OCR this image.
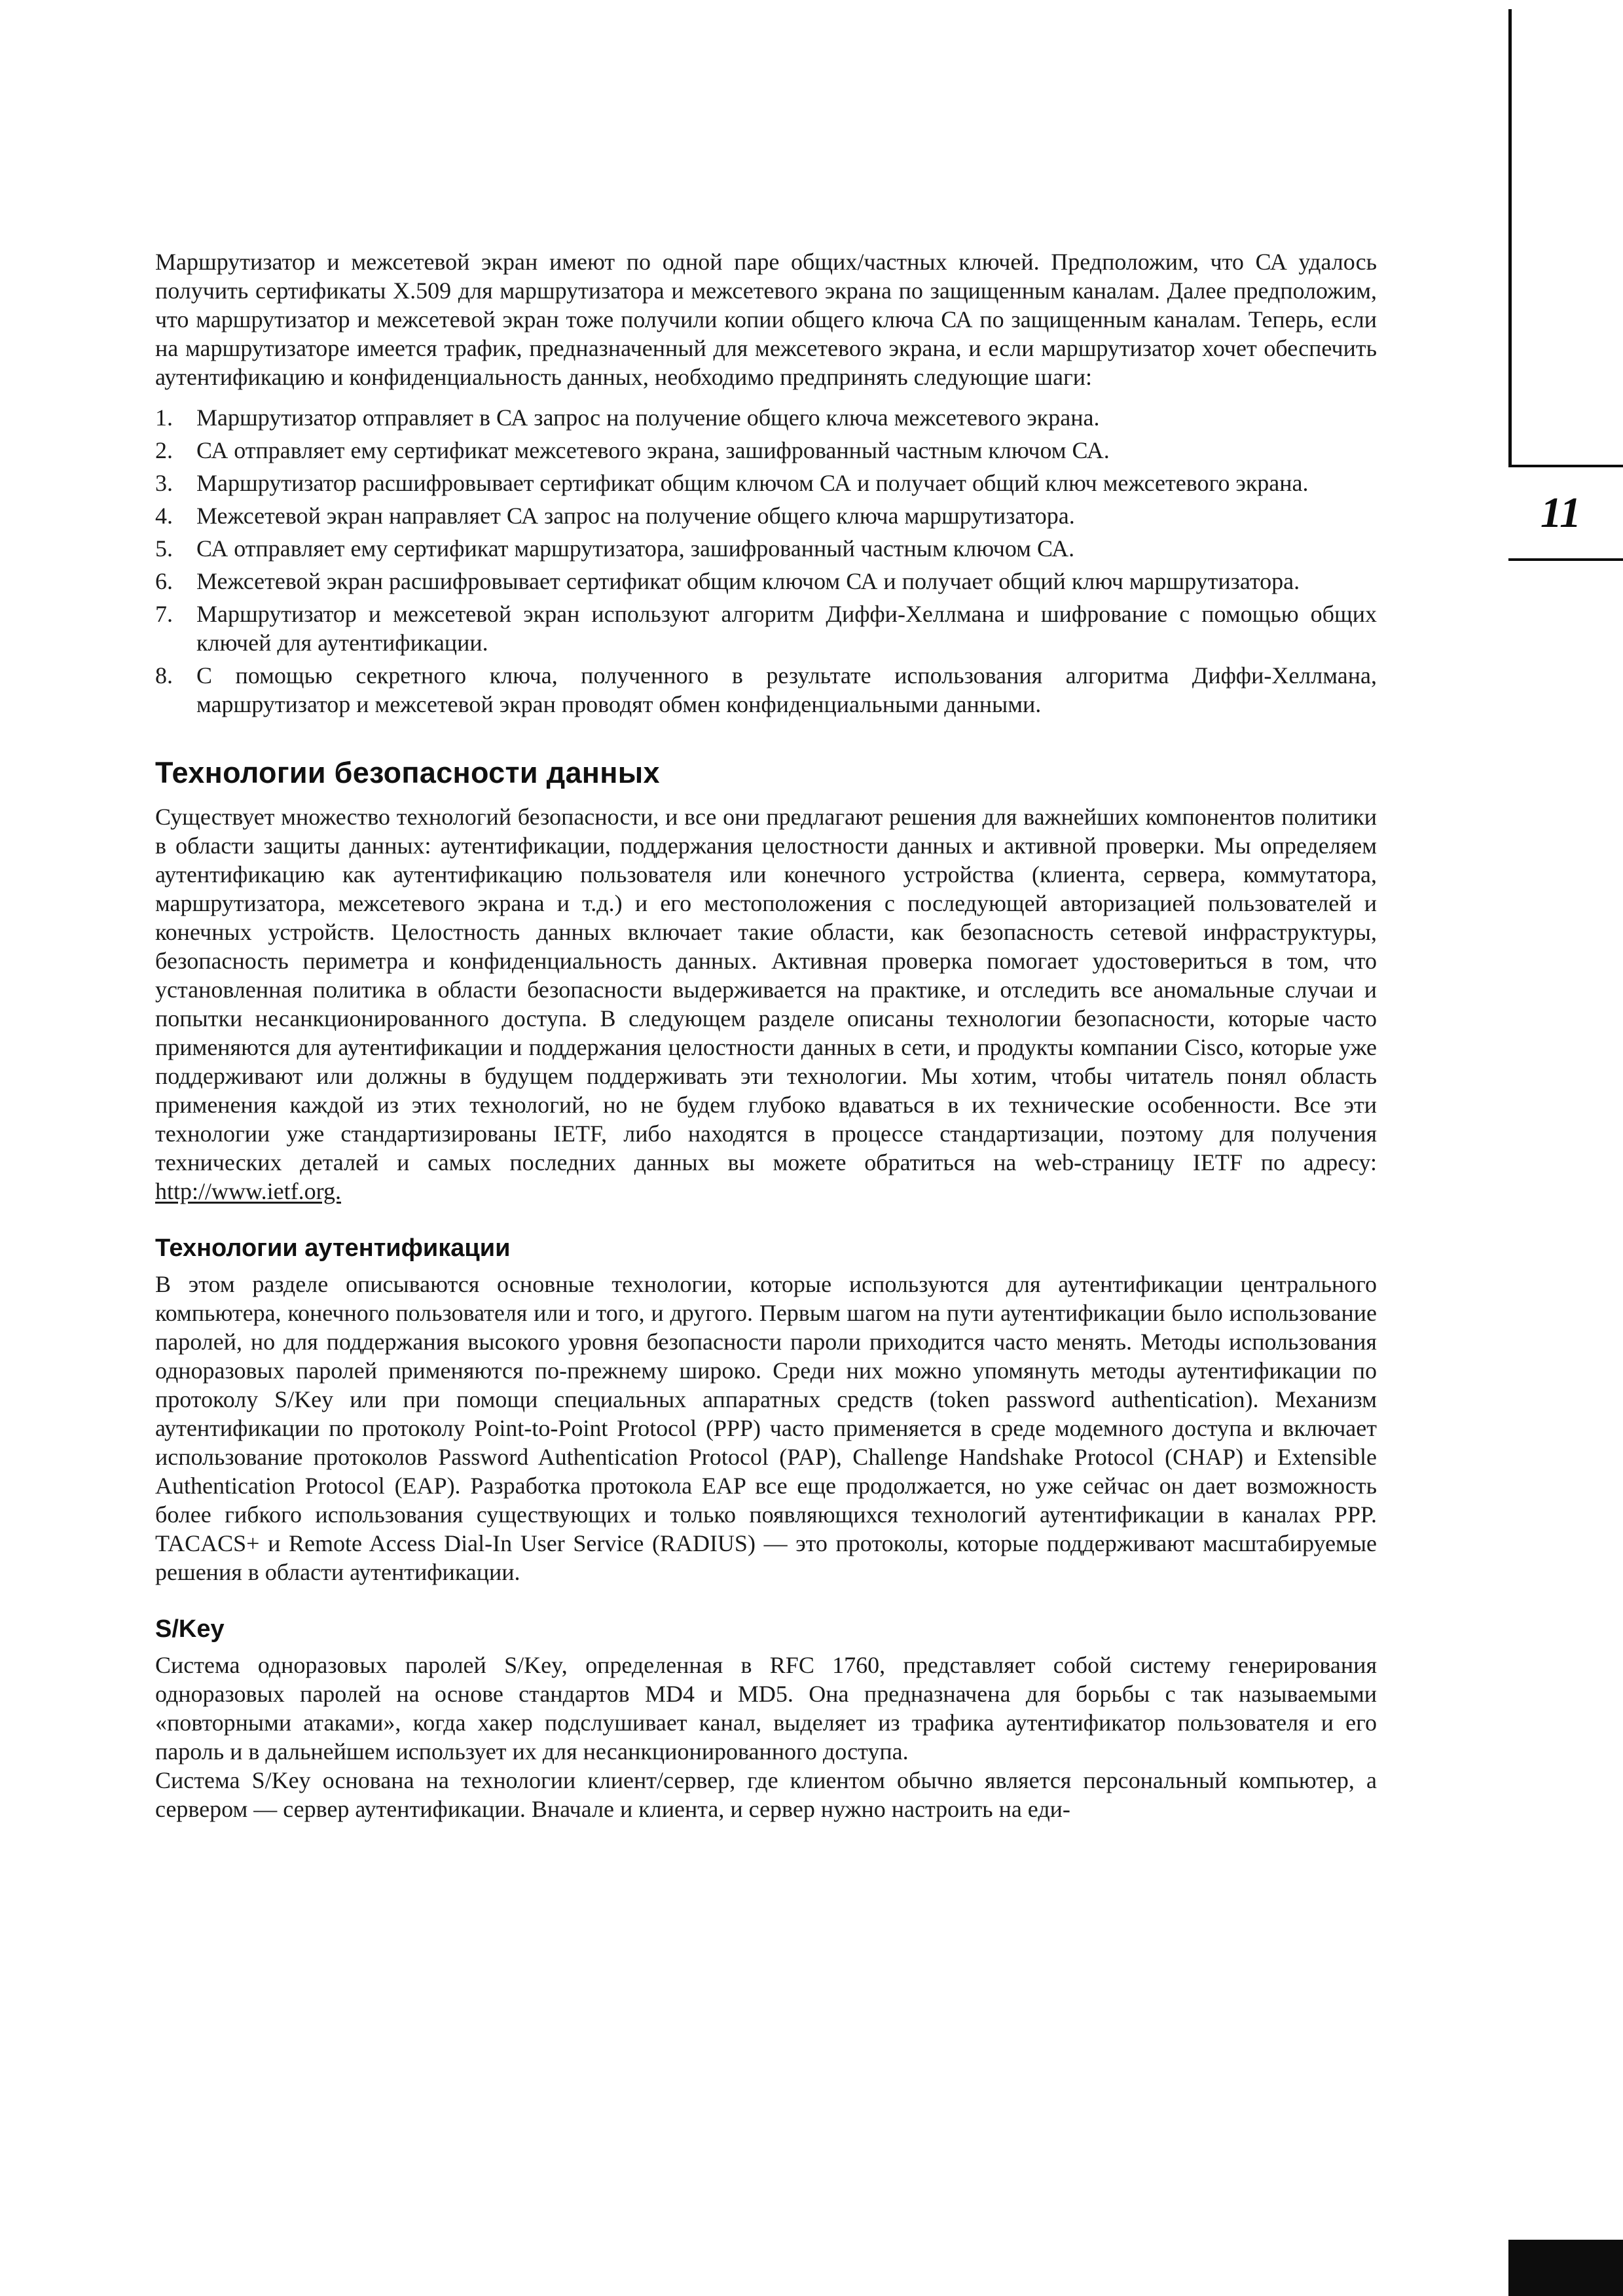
Маршрутизатор и межсетевой экран имеют по одной паре общих/частных ключей. Предположим, что СА удалось получить сертификаты X.509 для маршрутизатора и межсетевого экрана по защищенным каналам. Далее предположим, что маршрутизатор и межсетевой экран тоже получили копии общего ключа СА по защищенным каналам. Теперь, если на маршрутизаторе имеется трафик, предназначенный для межсетевого экрана, и если маршрутизатор хочет обеспечить аутентификацию и конфиденциальность данных, необходимо предпринять следующие шаги:

1.	Маршрутизатор отправляет в СА запрос на получение общего ключа межсетевого экрана.
2.	СА отправляет ему сертификат межсетевого экрана, зашифрованный частным ключом СА.
3.	Маршрутизатор расшифровывает сертификат общим ключом СА и получает общий ключ межсетевого экрана.
4.	Межсетевой экран направляет СА запрос на получение общего ключа маршрутизатора.
5.	СА отправляет ему сертификат маршрутизатора, зашифрованный частным ключом СА.
6.	Межсетевой экран расшифровывает сертификат общим ключом СА и получает общий ключ маршрутизатора.
7.	Маршрутизатор и межсетевой экран используют алгоритм Диффи-Хеллмана и шифрование с помощью общих ключей для аутентификации.
8.	С помощью секретного ключа, полученного в результате использования алгоритма Диффи-Хеллмана, маршрутизатор и межсетевой экран проводят обмен конфиденциальными данными.
Технологии безопасности данных

Существует множество технологий безопасности, и все они предлагают решения для важнейших компонентов политики в области защиты данных: аутентификации, поддержания целостности данных и активной проверки. Мы определяем аутентификацию как аутентификацию пользователя или конечного устройства (клиента, сервера, коммутатора, маршрутизатора, межсетевого экрана и т.д.) и его местоположения с последующей авторизацией пользователей и конечных устройств. Целостность данных включает такие области, как безопасность сетевой инфраструктуры, безопасность периметра и конфиденциальность данных. Активная проверка помогает удостовериться в том, что установленная политика в области безопасности выдерживается на практике, и отследить все аномальные случаи и попытки несанкционированного доступа. В следующем разделе описаны технологии безопасности, которые часто применяются для аутентификации и поддержания целостности данных в сети, и продукты компании Cisco, которые уже поддерживают или должны в будущем поддерживать эти технологии. Мы хотим, чтобы читатель понял область применения каждой из этих технологий, но не будем глубоко вдаваться в их технические особенности. Все эти технологии уже стандартизированы IETF, либо находятся в процессе стандартизации, поэтому для получения технических деталей и самых последних данных вы можете обратиться на web-страницу IETF по адресу: http://www.ietf.org.

Технологии аутентификации

В этом разделе описываются основные технологии, которые используются для аутентификации центрального компьютера, конечного пользователя или и того, и другого. Первым шагом на пути аутентификации было использование паролей, но для поддержания высокого уровня безопасности пароли приходится часто менять. Методы использования одноразовых паролей применяются по-прежнему широко. Среди них можно упомянуть методы аутентификации по протоколу S/Key или при помощи специальных аппаратных средств (token password authentication). Механизм аутентификации по протоколу Point-to-Point Protocol (PPP) часто применяется в среде модемного доступа и включает использование протоколов Password Authentication Protocol (PAP), Challenge Handshake Protocol (CHAP) и Extensible Authentication Protocol (EAP). Разработка протокола EAP все еще продолжается, но уже сейчас он дает возможность более гибкого использования существующих и только появляющихся технологий аутентификации в каналах PPP. TACACS+ и Remote Access Dial-In User Service (RADIUS) — это протоколы, которые поддерживают масштабируемые решения в области аутентификации.

S/Key

Система одноразовых паролей S/Key, определенная в RFC 1760, представляет собой систему генерирования одноразовых паролей на основе стандартов MD4 и MD5. Она предназначена для борьбы с так называемыми «повторными атаками», когда хакер подслушивает канал, выделяет из трафика аутентификатор пользователя и его пароль и в дальнейшем использует их для несанкционированного доступа.

Система S/Key основана на технологии клиент/сервер, где клиентом обычно является персональный компьютер, а сервером — сервер аутентификации. Вначале и клиента, и сервер нужно настроить на еди-

11
